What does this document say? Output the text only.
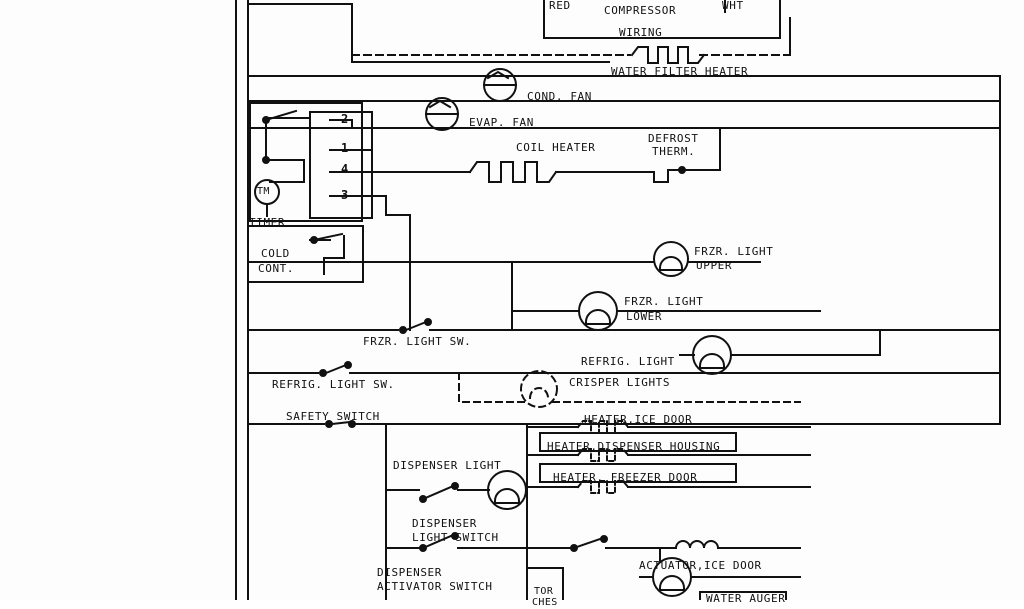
RED	COMPRESSOR
WIRING
WHT
WATER FILTER HEATER
COND. FAN
EVAP. FAN
COIL HEATER
DEFROST
THERM.
TIMER
TM
2
1
4
3
COLD
CONT.
FRZR. LIGHT
UPPER
FRZR. LIGHT
LOWER
FRZR. LIGHT SW.
REFRIG. LIGHT
REFRIG. LIGHT SW.	CRISPER LIGHTS
SAFETY SWITCH	HEATER,ICE DOOR
HEATER,DISPENSER HOUSING
DISPENSER LIGHT
HEATER, FREEZER DOOR
DISPENSER
LIGHT SWITCH
ACTUATOR,ICE DOOR
DISPENSER
ACTIVATOR SWITCH
WATER AUGER
TOR
CHES
